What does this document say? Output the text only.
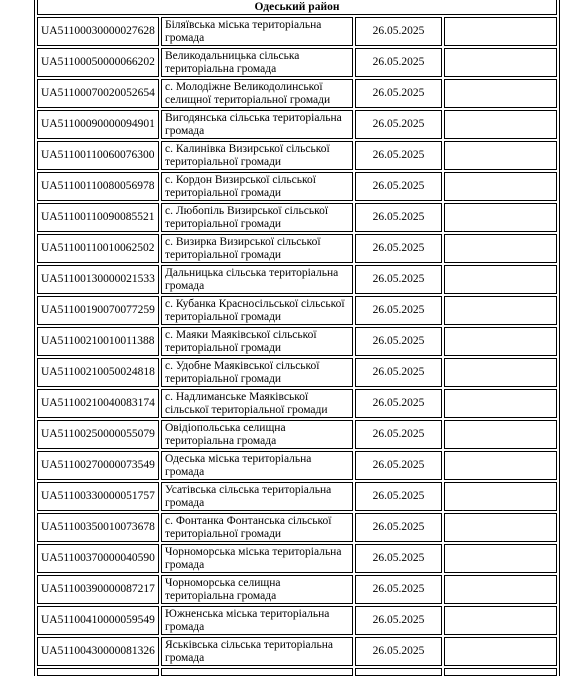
Одеський район			
UA51100030000027628	Біляївська міська територіальна громада	26.05.2025	
UA51100050000066202	Великодальницька сільська територіальна громада	26.05.2025	
UA51100070020052654	с. Молодіжне Великодолинської селищної територіальної громади	26.05.2025	
UA51100090000094901	Вигодянська сільська територіальна громада	26.05.2025	
UA51100110060076300	с. Калинівка Визирської сільської територіальної громади	26.05.2025	
UA51100110080056978	с. Кордон Визирської сільської територіальної громади	26.05.2025	
UA51100110090085521	с. Любопіль Визирської сільської територіальної громади	26.05.2025	
UA51100110010062502	с. Визирка Визирської сільської територіальної громади	26.05.2025	
UA51100130000021533	Дальницька сільська територіальна громада	26.05.2025	
UA51100190070077259	с. Кубанка Красносільської сільської територіальної громади	26.05.2025	
UA51100210010011388	с. Маяки Маяківської сільської територіальної громади	26.05.2025	
UA51100210050024818	с. Удобне Маяківської сільської територіальної громади	26.05.2025	
UA51100210040083174	с. Надлиманське Маяківської сільської територіальної громади	26.05.2025	
UA51100250000055079	Овідіопольська селищна територіальна громада	26.05.2025	
UA51100270000073549	Одеська міська територіальна громада	26.05.2025	
UA51100330000051757	Усатівська сільська територіальна громада	26.05.2025	
UA51100350010073678	с. Фонтанка Фонтанська сільської територіальної громади	26.05.2025	
UA51100370000040590	Чорноморська міська територіальна громада	26.05.2025	
UA51100390000087217	Чорноморська селищна територіальна громада	26.05.2025	
UA51100410000059549	Южненська міська територіальна громада	26.05.2025	
UA51100430000081326	Яськівська сільська територіальна громада	26.05.2025	
